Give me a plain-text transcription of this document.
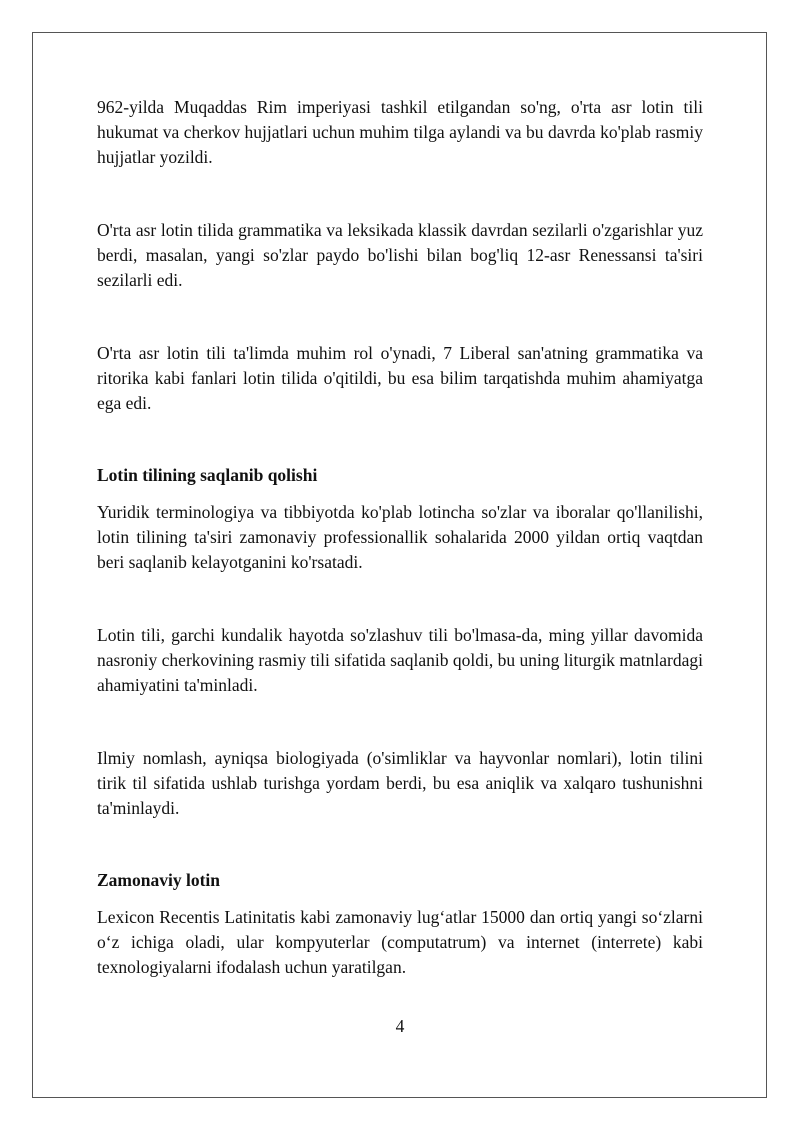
962-yilda Muqaddas Rim imperiyasi tashkil etilgandan so'ng, o'rta asr lotin tili hukumat va cherkov hujjatlari uchun muhim tilga aylandi va bu davrda ko'plab rasmiy hujjatlar yozildi.

O'rta asr lotin tilida grammatika va leksikada klassik davrdan sezilarli o'zgarishlar yuz berdi, masalan, yangi so'zlar paydo bo'lishi bilan bog'liq 12-asr Renessansi ta'siri sezilarli edi.

O'rta asr lotin tili ta'limda muhim rol o'ynadi, 7 Liberal san'atning grammatika va ritorika kabi fanlari lotin tilida o'qitildi, bu esa bilim tarqatishda muhim ahamiyatga ega edi.

Lotin tilining saqlanib qolishi

Yuridik terminologiya va tibbiyotda ko'plab lotincha so'zlar va iboralar qo'llanilishi, lotin tilining ta'siri zamonaviy professionallik sohalarida 2000 yildan ortiq vaqtdan beri saqlanib kelayotganini ko'rsatadi.

Lotin tili, garchi kundalik hayotda so'zlashuv tili bo'lmasa-da, ming yillar davomida nasroniy cherkovining rasmiy tili sifatida saqlanib qoldi, bu uning liturgik matnlardagi ahamiyatini ta'minladi.

Ilmiy nomlash, ayniqsa biologiyada (o'simliklar va hayvonlar nomlari), lotin tilini tirik til sifatida ushlab turishga yordam berdi, bu esa aniqlik va xalqaro tushunishni ta'minlaydi.

Zamonaviy lotin

Lexicon Recentis Latinitatis kabi zamonaviy lug‘atlar 15000 dan ortiq yangi so‘zlarni o‘z ichiga oladi, ular kompyuterlar (computatrum) va internet (interrete) kabi texnologiyalarni ifodalash uchun yaratilgan.

4
